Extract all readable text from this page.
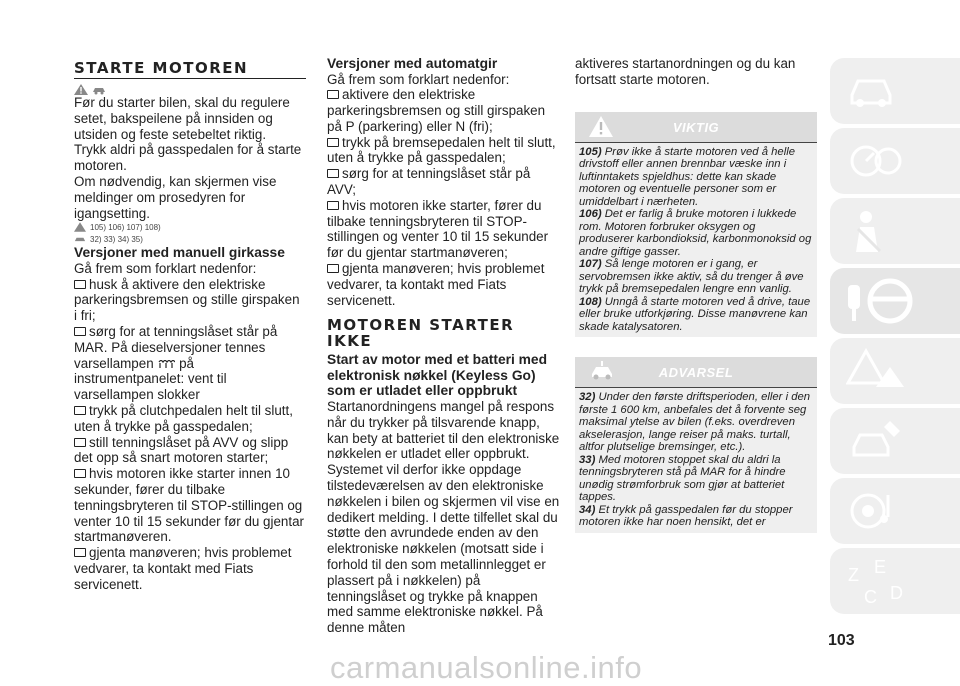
STARTE MOTOREN

Før du starter bilen, skal du regulere setet, bakspeilene på innsiden og utsiden og feste setebeltet riktig.

Trykk aldri på gasspedalen for å starte motoren.

Om nødvendig, kan skjermen vise meldinger om prosedyren for igangsetting.

105) 106) 107) 108)
32) 33) 34) 35)

Versjoner med manuell girkasse

Gå frem som forklart nedenfor:

husk å aktivere den elektriske parkeringsbremsen og stille girspaken i fri;

sørg for at tenningslåset står på MAR. På dieselversjoner tennes varsellampen på instrumentpanelet: vent til varsellampen slokker

trykk på clutchpedalen helt til slutt, uten å trykke på gasspedalen;

still tenningslåset på AVV og slipp det opp så snart motoren starter;

hvis motoren ikke starter innen 10 sekunder, fører du tilbake tenningsbryteren til STOP-stillingen og venter 10 til 15 sekunder før du gjentar startmanøveren.

gjenta manøveren; hvis problemet vedvarer, ta kontakt med Fiats servicenett.

Versjoner med automatgir

Gå frem som forklart nedenfor:

aktivere den elektriske parkeringsbremsen og still girspaken på P (parkering) eller N (fri);

trykk på bremsepedalen helt til slutt, uten å trykke på gasspedalen;

sørg for at tenningslåset står på AVV;

hvis motoren ikke starter, fører du tilbake tenningsbryteren til STOP-stillingen og venter 10 til 15 sekunder før du gjentar startmanøveren;

gjenta manøveren; hvis problemet vedvarer, ta kontakt med Fiats servicenett.

MOTOREN STARTER IKKE

Start av motor med et batteri med elektronisk nøkkel (Keyless Go) som er utladet eller oppbrukt

Startanordningens mangel på respons når du trykker på tilsvarende knapp, kan bety at batteriet til den elektroniske nøkkelen er utladet eller oppbrukt. Systemet vil derfor ikke oppdage tilstedeværelsen av den elektroniske nøkkelen i bilen og skjermen vil vise en dedikert melding. I dette tilfellet skal du støtte den avrundede enden av den elektroniske nøkkelen (motsatt side i forhold til den som metallinnlegget er plassert på i nøkkelen) på tenningslåset og trykke på knappen med samme elektroniske nøkkel. På denne måten

aktiveres startanordningen og du kan fortsatt starte motoren.

VIKTIG
105) Prøv ikke å starte motoren ved å helle drivstoff eller annen brennbar væske inn i luftinntakets spjeldhus: dette kan skade motoren og eventuelle personer som er umiddelbart i nærheten.
106) Det er farlig å bruke motoren i lukkede rom. Motoren forbruker oksygen og produserer karbondioksid, karbonmonoksid og andre giftige gasser.
107) Så lenge motoren er i gang, er servobremsen ikke aktiv, så du trenger å øve trykk på bremsepedalen lengre enn vanlig.
108) Unngå å starte motoren ved å drive, taue eller bruke utforkjøring. Disse manøvrene kan skade katalysatoren.
ADVARSEL
32) Under den første driftsperioden, eller i den første 1 600 km, anbefales det å forvente seg maksimal ytelse av bilen (f.eks. overdreven akselerasjon, lange reiser på maks. turtall, altfor plutselige bremsinger, etc.).
33) Med motoren stoppet skal du aldri la tenningsbryteren stå på MAR for å hindre unødig strømforbruk som gjør at batteriet tappes.
34) Et trykk på gasspedalen før du stopper motoren ikke har noen hensikt, det er
Z E
C D
103
carmanualsonline.info
